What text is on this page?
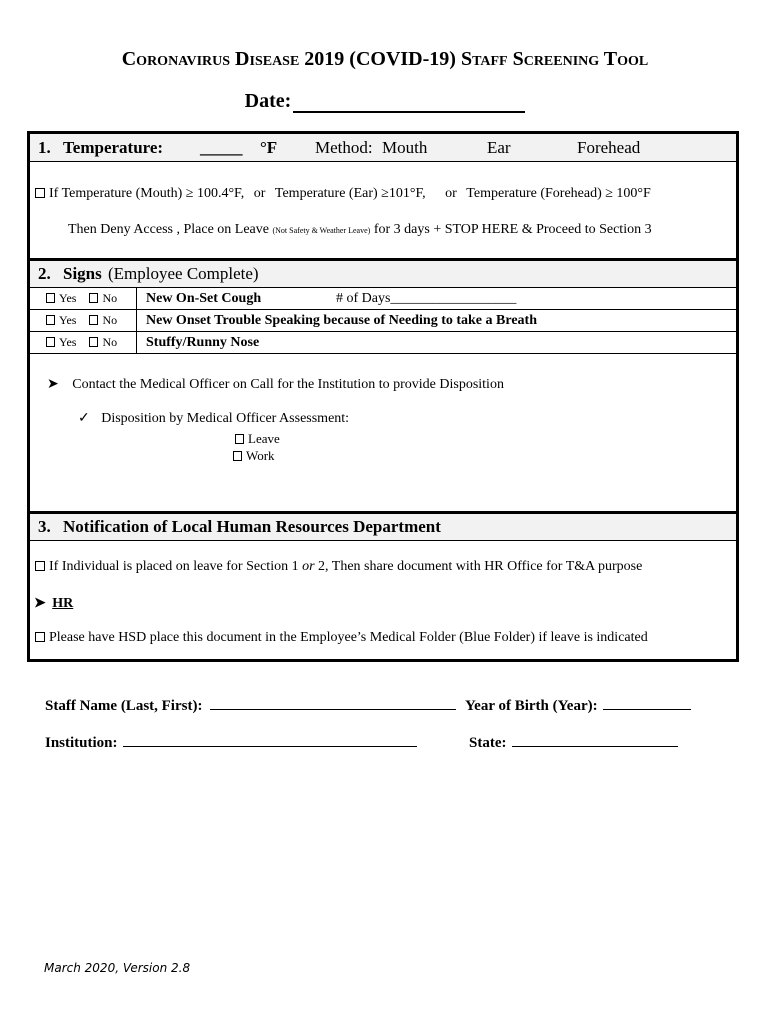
Coronavirus Disease 2019 (COVID-19) Staff Screening Tool
Date:
1. Temperature: _____ °F Method: Mouth	Ear	Forehead
If Temperature (Mouth) ≥ 100.4°F, or Temperature (Ear) ≥101°F, or Temperature (Forehead) ≥ 100°F
Then Deny Access , Place on Leave (Not Safety & Weather Leave) for 3 days + STOP HERE & Proceed to Section 3
2. Signs (Employee Complete)
Yes No	New On-Set Cough	# of Days__________________
Yes No	New Onset Trouble Speaking because of Needing to take a Breath
Yes No	Stuffy/Runny Nose
➤ Contact the Medical Officer on Call for the Institution to provide Disposition
✓ Disposition by Medical Officer Assessment:
Leave
Work
3. Notification of Local Human Resources Department
If Individual is placed on leave for Section 1 or 2, Then share document with HR Office for T&A purpose
➤ HR
Please have HSD place this document in the Employee’s Medical Folder (Blue Folder) if leave is indicated
Staff Name (Last, First):	Year of Birth (Year):
Institution:	State:
March 2020, Version 2.8
